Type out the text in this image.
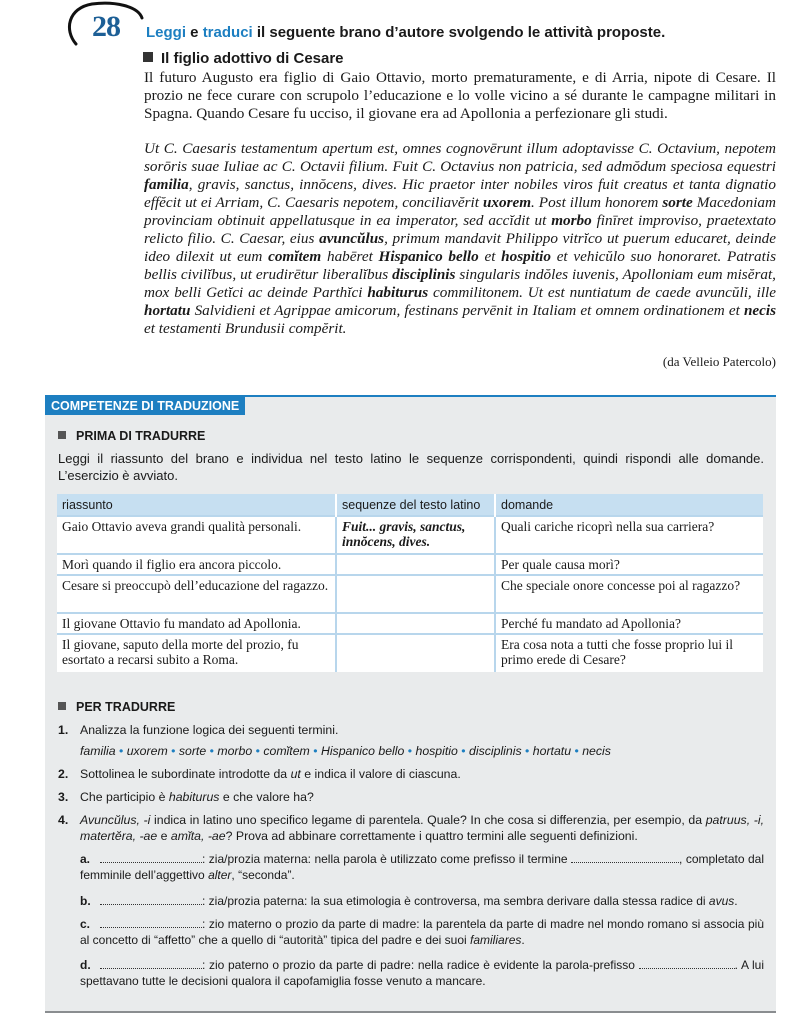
28 Leggi e traduci il seguente brano d’autore svolgendo le attività proposte.
Il figlio adottivo di Cesare

Il futuro Augusto era figlio di Gaio Ottavio, morto prematuramente, e di Arria, nipote di Cesare. Il prozio ne fece curare con scrupolo l’educazione e lo volle vicino a sé durante le campagne militari in Spagna. Quando Cesare fu ucciso, il giovane era ad Apollonia a perfezionare gli studi.

Ut C. Caesaris testamentum apertum est, omnes cognovērunt illum adoptavisse C. Octavium, nepotem sorōris suae Iuliae ac C. Octavii filium. Fuit C. Octavius non patricia, sed admŏdum speciosa equestri familia, gravis, sanctus, innŏcens, dives. Hic praetor inter nobiles viros fuit creatus et tanta dignatio effĕcit ut ei Arriam, C. Caesaris nepotem, conciliavĕrit uxorem. Post illum honorem sorte Macedoniam provinciam obtinuit appellatusque in ea imperator, sed accĭdit ut morbo finīret improviso, praetextato relicto filio. C. Caesar, eius avuncŭlus, primum mandavit Philippo vitrĭco ut puerum educaret, deinde ideo dilexit ut eum comĭtem habēret Hispanico bello et hospitio et vehicŭlo suo honoraret. Patratis bellis civilĭbus, ut erudirētur liberalĭbus disciplinis singularis indŏles iuvenis, Apolloniam eum misĕrat, mox belli Getĭci ac deinde Parthĭci habiturus commilitonem. Ut est nuntiatum de caede avuncŭli, ille hortatu Salvidieni et Agrippae amicorum, festinans pervēnit in Italiam et omnem ordinationem et necis et testamenti Brundusii compĕrit.

(da Velleio Patercolo)
COMPETENZE DI TRADUZIONE
PRIMA DI TRADURRE

Leggi il riassunto del brano e individua nel testo latino le sequenze corrispondenti, quindi rispondi alle domande. L’esercizio è avviato.

riassunto	sequenze del testo latino	domande
Gaio Ottavio aveva grandi qualità personali.	Fuit... gravis, sanctus, innŏcens, dives.	Quali cariche ricoprì nella sua carriera?
Morì quando il figlio era ancora piccolo.		Per quale causa morì?
Cesare si preoccupò dell’educazione del ragazzo.		Che speciale onore concesse poi al ragazzo?
Il giovane Ottavio fu mandato ad Apollonia.		Perché fu mandato ad Apollonia?
Il giovane, saputo della morte del prozio, fu esortato a recarsi subito a Roma.		Era cosa nota a tutti che fosse proprio lui il primo erede di Cesare?
PER TRADURRE

1. Analizza la funzione logica dei seguenti termini.

familia • uxorem • sorte • morbo • comĭtem • Hispanico bello • hospitio • disciplinis • hortatu • necis

2. Sottolinea le subordinate introdotte da ut e indica il valore di ciascuna.

3. Che participio è habiturus e che valore ha?

4. Avuncŭlus, -i indica in latino uno specifico legame di parentela. Quale? In che cosa si differenzia, per esempio, da patruus, -i, matertĕra, -ae e amĭta, -ae? Prova ad abbinare correttamente i quattro termini alle seguenti definizioni.

a.	: zia/prozia materna: nella parola è utilizzato come prefisso il termine	, completato dal femminile dell’aggettivo alter, “seconda”.

b.	: zia/prozia paterna: la sua etimologia è controversa, ma sembra derivare dalla stessa radice di avus.

c.	: zio materno o prozio da parte di madre: la parentela da parte di madre nel mondo romano si associa più al concetto di “affetto” che a quello di “autorità” tipica del padre e dei suoi familiares.

d.	: zio paterno o prozio da parte di padre: nella radice è evidente la parola-prefisso	. A lui spettavano tutte le decisioni qualora il capofamiglia fosse venuto a mancare.
